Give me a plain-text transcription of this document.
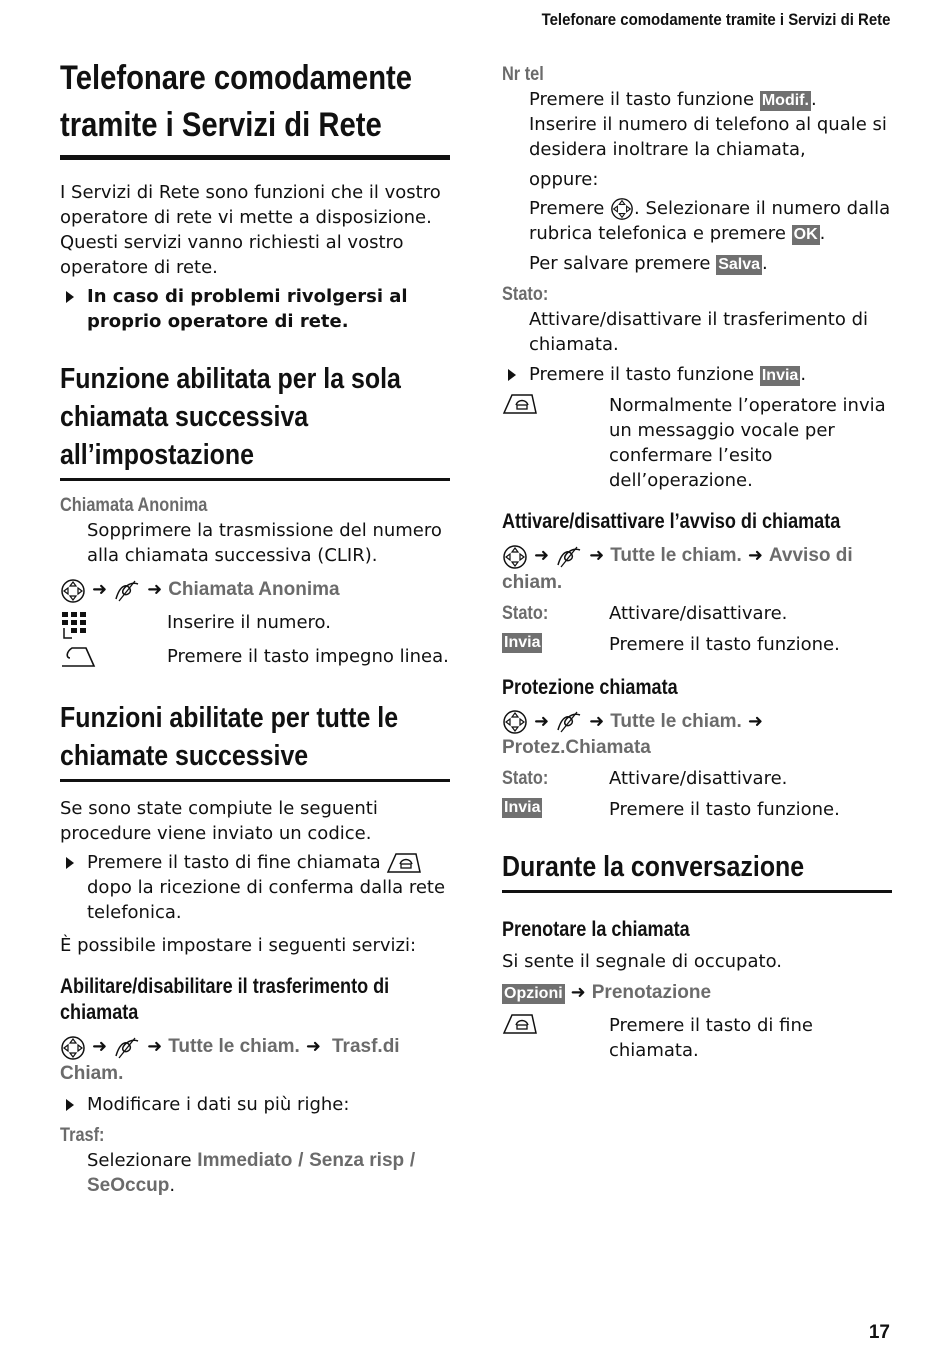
Telefonare comodamente tramite i Servizi di Rete
Telefonare comodamente tramite i Servizi di Rete

I Servizi di Rete sono funzioni che il vostro operatore di rete vi mette a disposizione. Questi servizi vanno richiesti al vostro operatore di rete.

In caso di problemi rivolgersi al proprio operatore di rete.

Funzione abilitata per la sola chiamata successiva all’impostazione
Chiamata Anonima

Sopprimere la trasmissione del numero alla chiamata successiva (CLIR).

➜ ➜ Chiamata Anonima

Inserire il numero.

Premere il tasto impegno linea.

Funzioni abilitate per tutte le chiamate successive

Se sono state compiute le seguenti procedure viene inviato un codice.

Premere il tasto di fine chiamata
dopo la ricezione di conferma dalla rete telefonica.

È possibile impostare i seguenti servizi:

Abilitare/disabilitare il trasferimento di chiamata
➜ ➜ Tutte le chiam. ➜ Trasf.di Chiam.

Modificare i dati su più righe:

Trasf:

Selezionare Immediato / Senza risp / SeOccup.

Nr tel

Premere il tasto funzione Modif. .

Inserire il numero di telefono al quale si desidera inoltrare la chiamata,

oppure:

Premere . Selezionare il numero dalla rubrica telefonica e premere OK .

Per salvare premere Salva .

Stato:

Attivare/disattivare il trasferimento di chiamata.

Premere il tasto funzione Invia .

Normalmente l’operatore invia un messaggio vocale per confermare l’esito dell’operazione.

Attivare/disattivare l’avviso di chiamata
➜ ➜ Tutte le chiam. ➜ Avviso di chiam.
Stato:	Attivare/disattivare.

Invia	Premere il tasto funzione.

Protezione chiamata
➜ ➜ Tutte le chiam. ➜
Protez.Chiamata
Stato:	Attivare/disattivare.

Invia	Premere il tasto funzione.

Durante la conversazione
Prenotare la chiamata

Si sente il segnale di occupato.

Opzioni ➜ Prenotazione

Premere il tasto di fine chiamata.

17
